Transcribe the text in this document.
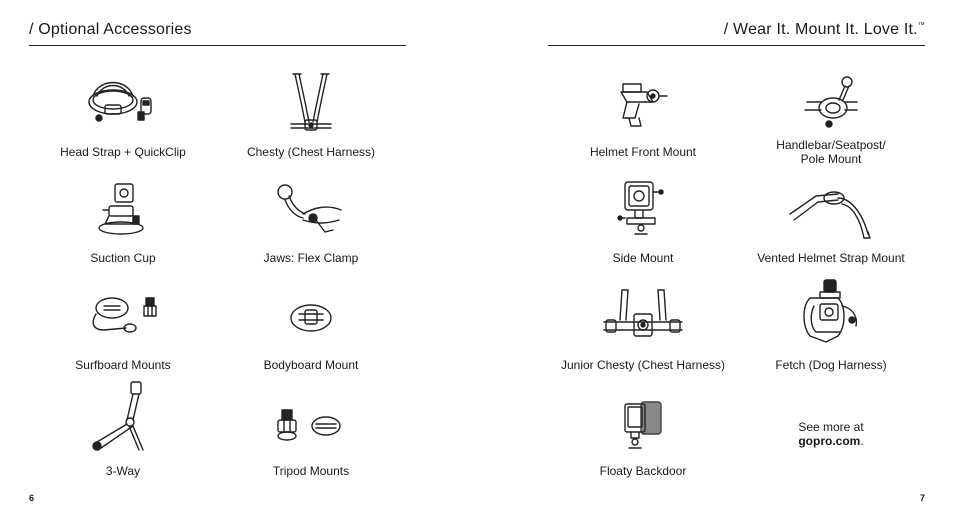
/ Optional Accessories
Head Strap + QuickClip	Chesty (Chest Harness)
Suction Cup	Jaws: Flex Clamp
Surfboard Mounts	Bodyboard Mount
3-Way	Tripod Mounts
6
/ Wear It. Mount It. Love It.™
Helmet Front Mount	Handlebar/Seatpost/
Pole Mount
Side Mount	Vented Helmet Strap Mount
Junior Chesty (Chest Harness)	Fetch (Dog Harness)
Floaty Backdoor
See more at
gopro.com.
7
